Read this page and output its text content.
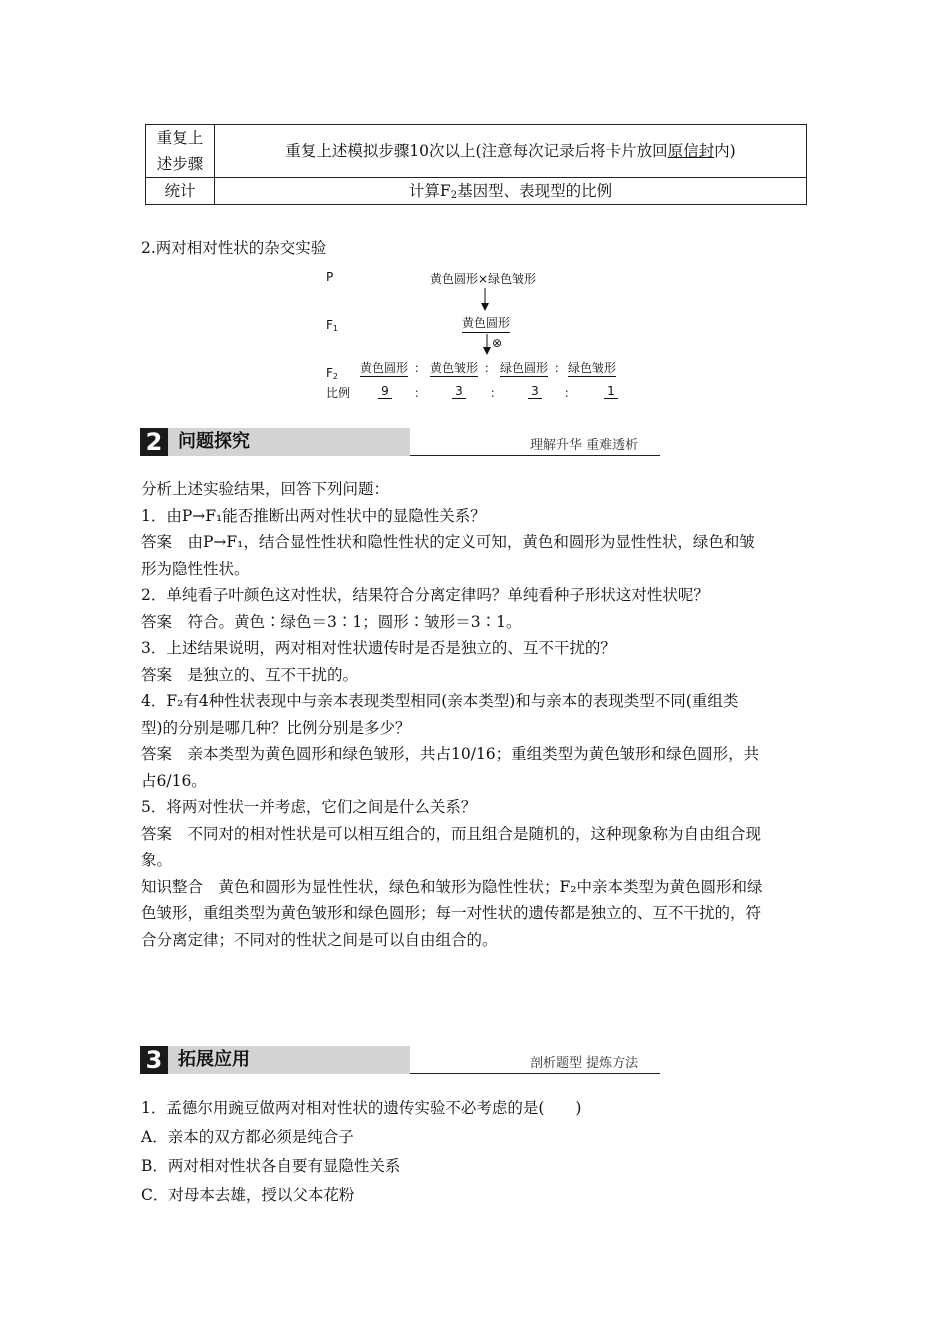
重复上
述步骤	重复上述模拟步骤10次以上(注意每次记录后将卡片放回原信封内)
统计	计算$F_2$基因型、表现型的比例
2.两对相对性状的杂交实验
P	黄色圆形×绿色皱形
$F_1$	黄色圆形
⊗
$F_2$
黄色圆形 ： 黄色皱形 ： 绿色圆形 ： 绿色皱形
比例	9 ： 3 ： 3 ：	1
2 问题探究	理解升华 重难透析

分析上述实验结果，回答下列问题：

1．由P→F₁能否推断出两对性状中的显隐性关系？

答案　由P→F₁，结合显性性状和隐性性状的定义可知，黄色和圆形为显性性状，绿色和皱

形为隐性性状。

2．单纯看子叶颜色这对性状，结果符合分离定律吗？单纯看种子形状这对性状呢？

答案　符合。黄色∶绿色＝3∶1；圆形∶皱形＝3∶1。

3．上述结果说明，两对相对性状遗传时是否是独立的、互不干扰的？

答案　是独立的、互不干扰的。

4．F₂有4种性状表现中与亲本表现类型相同(亲本类型)和与亲本的表现类型不同(重组类

型)的分别是哪几种？比例分别是多少？

答案　亲本类型为黄色圆形和绿色皱形，共占10/16；重组类型为黄色皱形和绿色圆形，共

占6/16。

5．将两对性状一并考虑，它们之间是什么关系？

答案　不同对的相对性状是可以相互组合的，而且组合是随机的，这种现象称为自由组合现

象。

知识整合　黄色和圆形为显性性状，绿色和皱形为隐性性状；F₂中亲本类型为黄色圆形和绿

色皱形，重组类型为黄色皱形和绿色圆形；每一对性状的遗传都是独立的、互不干扰的，符

合分离定律；不同对的性状之间是可以自由组合的。

3 拓展应用	剖析题型 提炼方法

1．孟德尔用豌豆做两对相对性状的遗传实验不必考虑的是(　　)

A．亲本的双方都必须是纯合子

B．两对相对性状各自要有显隐性关系

C．对母本去雄，授以父本花粉
